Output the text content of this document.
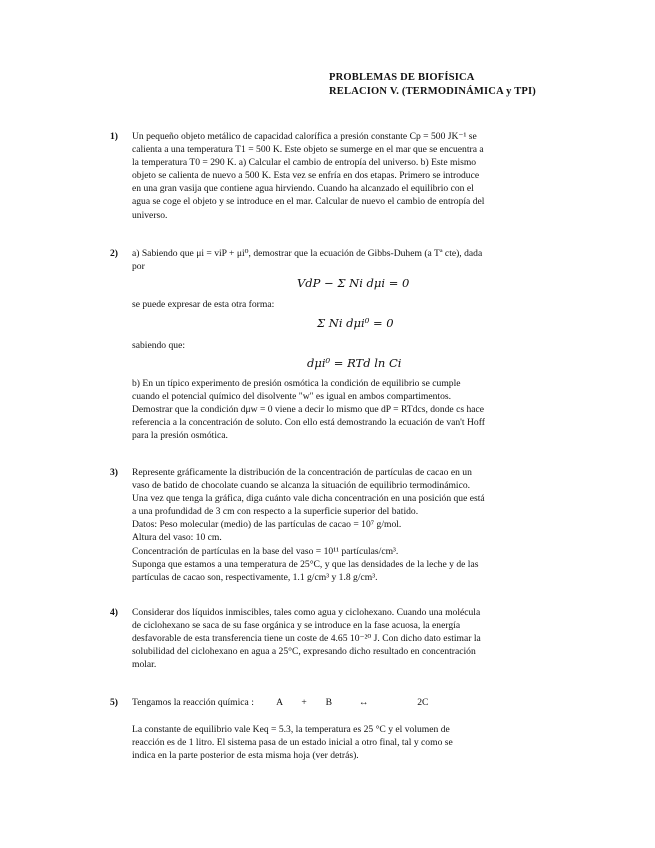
PROBLEMAS DE BIOFÍSICA
RELACION V. (TERMODINÁMICA y TPI)
1) Un pequeño objeto metálico de capacidad calorífica a presión constante Cp = 500 JK⁻¹ se
calienta a una temperatura T1 = 500 K. Este objeto se sumerge en el mar que se encuentra a
la temperatura T0 = 290 K. a) Calcular el cambio de entropía del universo. b) Este mismo
objeto se calienta de nuevo a 500 K. Esta vez se enfría en dos etapas. Primero se introduce
en una gran vasija que contiene agua hirviendo. Cuando ha alcanzado el equilibrio con el
agua se coge el objeto y se introduce en el mar. Calcular de nuevo el cambio de entropía del
universo.
2) a) Sabiendo que μi = viP + μi⁰, demostrar que la ecuación de Gibbs-Duhem (a Tª cte), dada
por
VdP − Σ Ni dμi = 0
se puede expresar de esta otra forma:
Σ Ni dμi⁰ = 0
sabiendo que:
dμi⁰ = RTd ln Ci
b) En un típico experimento de presión osmótica la condición de equilibrio se cumple
cuando el potencial químico del disolvente "w" es igual en ambos compartimentos.
Demostrar que la condición dμw = 0 viene a decir lo mismo que dP = RTdcs, donde cs hace
referencia a la concentración de soluto. Con ello está demostrando la ecuación de van't Hoff
para la presión osmótica.
3) Represente gráficamente la distribución de la concentración de partículas de cacao en un
vaso de batido de chocolate cuando se alcanza la situación de equilibrio termodinámico.
Una vez que tenga la gráfica, diga cuánto vale dicha concentración en una posición que está
a una profundidad de 3 cm con respecto a la superficie superior del batido.
Datos: Peso molecular (medio) de las partículas de cacao = 10⁷ g/mol.
Altura del vaso: 10 cm.
Concentración de partículas en la base del vaso = 10¹¹ partículas/cm³.
Suponga que estamos a una temperatura de 25°C, y que las densidades de la leche y de las
partículas de cacao son, respectivamente, 1.1 g/cm³ y 1.8 g/cm³.
4) Considerar dos líquidos inmiscibles, tales como agua y ciclohexano. Cuando una molécula
de ciclohexano se saca de su fase orgánica y se introduce en la fase acuosa, la energía
desfavorable de esta transferencia tiene un coste de 4.65 10⁻²⁰ J. Con dicho dato estimar la
solubilidad del ciclohexano en agua a 25°C, expresando dicho resultado en concentración
molar.
5) Tengamos la reacción química : A + B	↔	2C
La constante de equilibrio vale Keq = 5.3, la temperatura es 25 °C y el volumen de
reacción es de 1 litro. El sistema pasa de un estado inicial a otro final, tal y como se
indica en la parte posterior de esta misma hoja (ver detrás).
